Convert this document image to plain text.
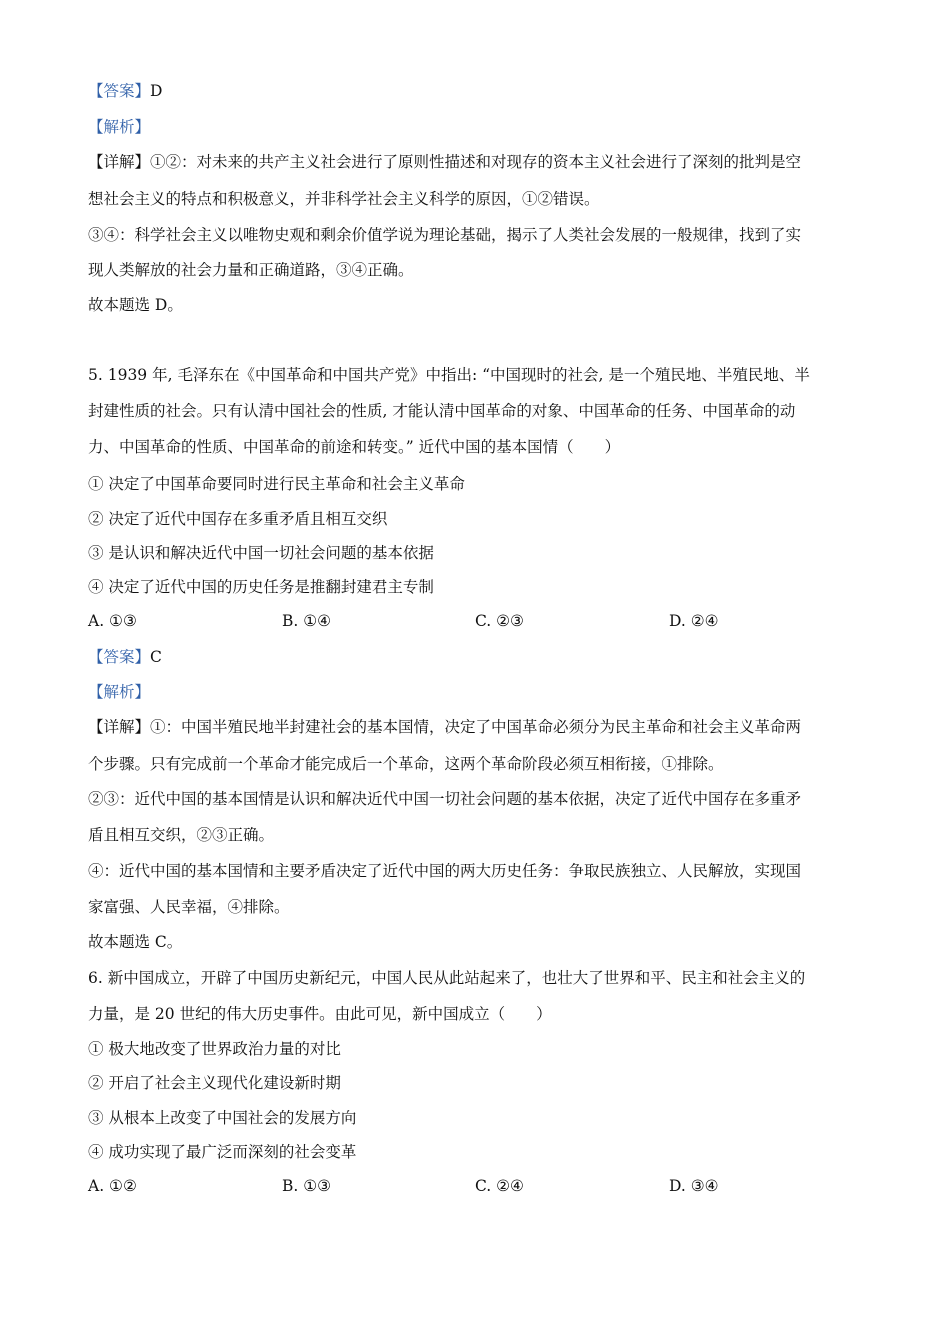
【答案】D
【解析】
【详解】①②：对未来的共产主义社会进行了原则性描述和对现存的资本主义社会进行了深刻的批判是空
想社会主义的特点和积极意义，并非科学社会主义科学的原因，①②错误。
③④：科学社会主义以唯物史观和剩余价值学说为理论基础，揭示了人类社会发展的一般规律，找到了实
现人类解放的社会力量和正确道路，③④正确。
故本题选 D。
5. 1939 年, 毛泽东在《中国革命和中国共产党》中指出: “中国现时的社会, 是一个殖民地、半殖民地、半
封建性质的社会。只有认清中国社会的性质, 才能认清中国革命的对象、中国革命的任务、中国革命的动
力、中国革命的性质、中国革命的前途和转变。” 近代中国的基本国情（　　）
① 决定了中国革命要同时进行民主革命和社会主义革命
② 决定了近代中国存在多重矛盾且相互交织
③ 是认识和解决近代中国一切社会问题的基本依据
④ 决定了近代中国的历史任务是推翻封建君主专制
A. ①③	B. ①④	C. ②③	D. ②④
【答案】C
【解析】
【详解】①：中国半殖民地半封建社会的基本国情，决定了中国革命必须分为民主革命和社会主义革命两
个步骤。只有完成前一个革命才能完成后一个革命，这两个革命阶段必须互相衔接，①排除。
②③：近代中国的基本国情是认识和解决近代中国一切社会问题的基本依据，决定了近代中国存在多重矛
盾且相互交织，②③正确。
④：近代中国的基本国情和主要矛盾决定了近代中国的两大历史任务：争取民族独立、人民解放，实现国
家富强、人民幸福，④排除。
故本题选 C。
6. 新中国成立，开辟了中国历史新纪元，中国人民从此站起来了，也壮大了世界和平、民主和社会主义的
力量，是 20 世纪的伟大历史事件。由此可见，新中国成立（　　）
① 极大地改变了世界政治力量的对比
② 开启了社会主义现代化建设新时期
③ 从根本上改变了中国社会的发展方向
④ 成功实现了最广泛而深刻的社会变革
A. ①②	B. ①③	C. ②④	D. ③④
